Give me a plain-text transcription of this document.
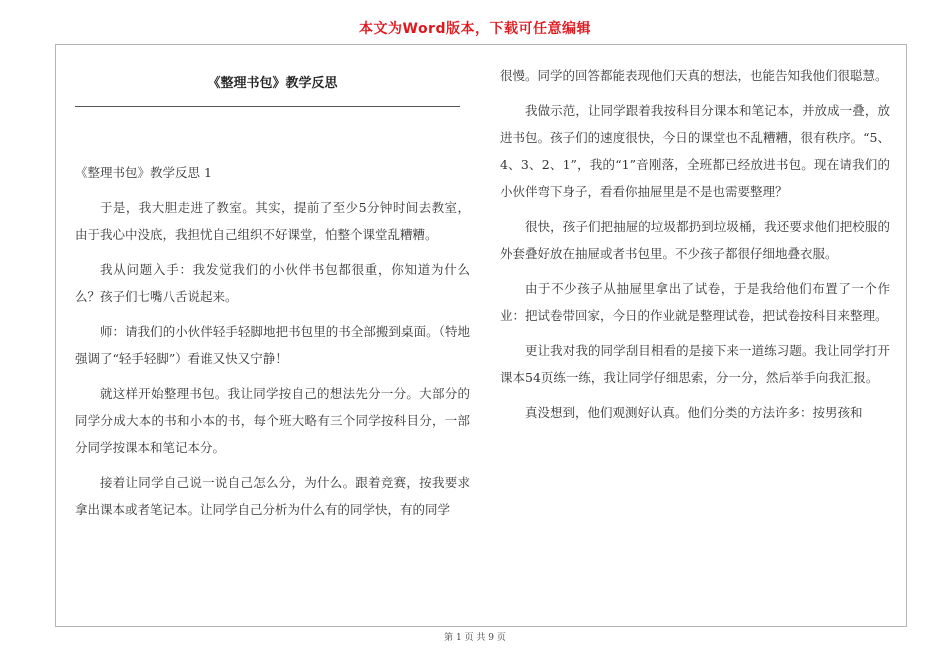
本文为Word版本，下载可任意编辑
《整理书包》教学反思
《整理书包》教学反思 1

于是，我大胆走进了教室。其实，提前了至少5分钟时间去教室，由于我心中没底，我担忧自己组织不好课堂，怕整个课堂乱糟糟。

我从问题入手：我发觉我们的小伙伴书包都很重，你知道为什么么？孩子们七嘴八舌说起来。

师：请我们的小伙伴轻手轻脚地把书包里的书全部搬到桌面。（特地强调了“轻手轻脚”）看谁又快又宁静！

就这样开始整理书包。我让同学按自己的想法先分一分。大部分的同学分成大本的书和小本的书，每个班大略有三个同学按科目分，一部分同学按课本和笔记本分。

接着让同学自己说一说自己怎么分，为什么。跟着竞赛，按我要求拿出课本或者笔记本。让同学自己分析为什么有的同学快，有的同学

很慢。同学的回答都能表现他们天真的想法，也能告知我他们很聪慧。

我做示范，让同学跟着我按科目分课本和笔记本，并放成一叠，放进书包。孩子们的速度很快，今日的课堂也不乱糟糟，很有秩序。“5、4、3、2、1”，我的“1”音刚落，全班都已经放进书包。现在请我们的小伙伴弯下身子，看看你抽屉里是不是也需要整理？

很快，孩子们把抽屉的垃圾都扔到垃圾桶，我还要求他们把校服的外套叠好放在抽屉或者书包里。不少孩子都很仔细地叠衣服。

由于不少孩子从抽屉里拿出了试卷，于是我给他们布置了一个作业：把试卷带回家，今日的作业就是整理试卷，把试卷按科目来整理。

更让我对我的同学刮目相看的是接下来一道练习题。我让同学打开课本54页练一练，我让同学仔细思索，分一分，然后举手向我汇报。

真没想到，他们观测好认真。他们分类的方法许多：按男孩和

第 1 页 共 9 页
